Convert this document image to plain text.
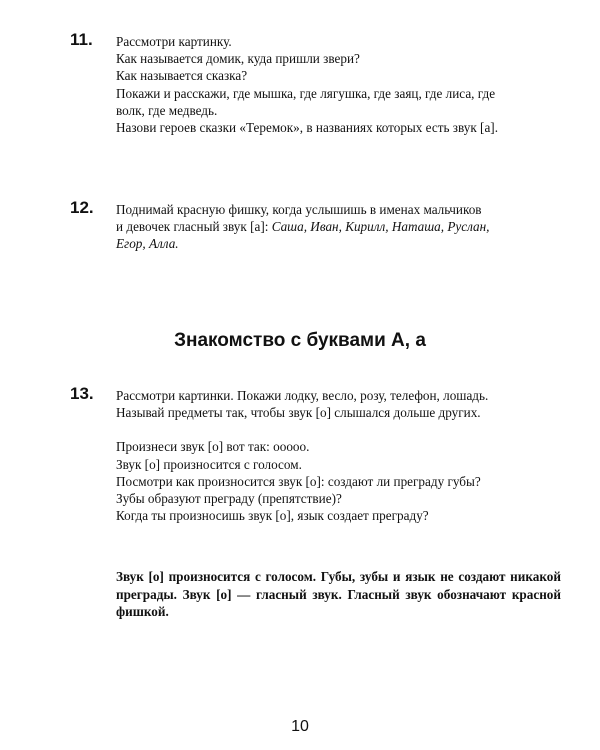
11. Рассмотри картинку.
Как называется домик, куда пришли звери?
Как называется сказка?
Покажи и расскажи, где мышка, где лягушка, где заяц, где лиса, где
волк, где медведь.
Назови героев сказки «Теремок», в названиях которых есть звук [а].
12. Поднимай красную фишку, когда услышишь в именах мальчиков
и девочек гласный звук [а]: Саша, Иван, Кирилл, Наташа, Руслан,
Егор, Алла.
Знакомство с буквами А, а
13. Рассмотри картинки. Покажи лодку, весло, розу, телефон, лошадь.
Называй предметы так, чтобы звук [о] слышался дольше других.
Произнеси звук [о] вот так: ооооо.
Звук [о] произносится с голосом.
Посмотри как произносится звук [о]: создают ли преграду губы?
Зубы образуют преграду (препятствие)?
Когда ты произносишь звук [о], язык создает преграду?
Звук [о] произносится с голосом. Губы, зубы и язык не создают никакой преграды. Звук [о] — гласный звук. Гласный звук обозначают красной фишкой.
10
